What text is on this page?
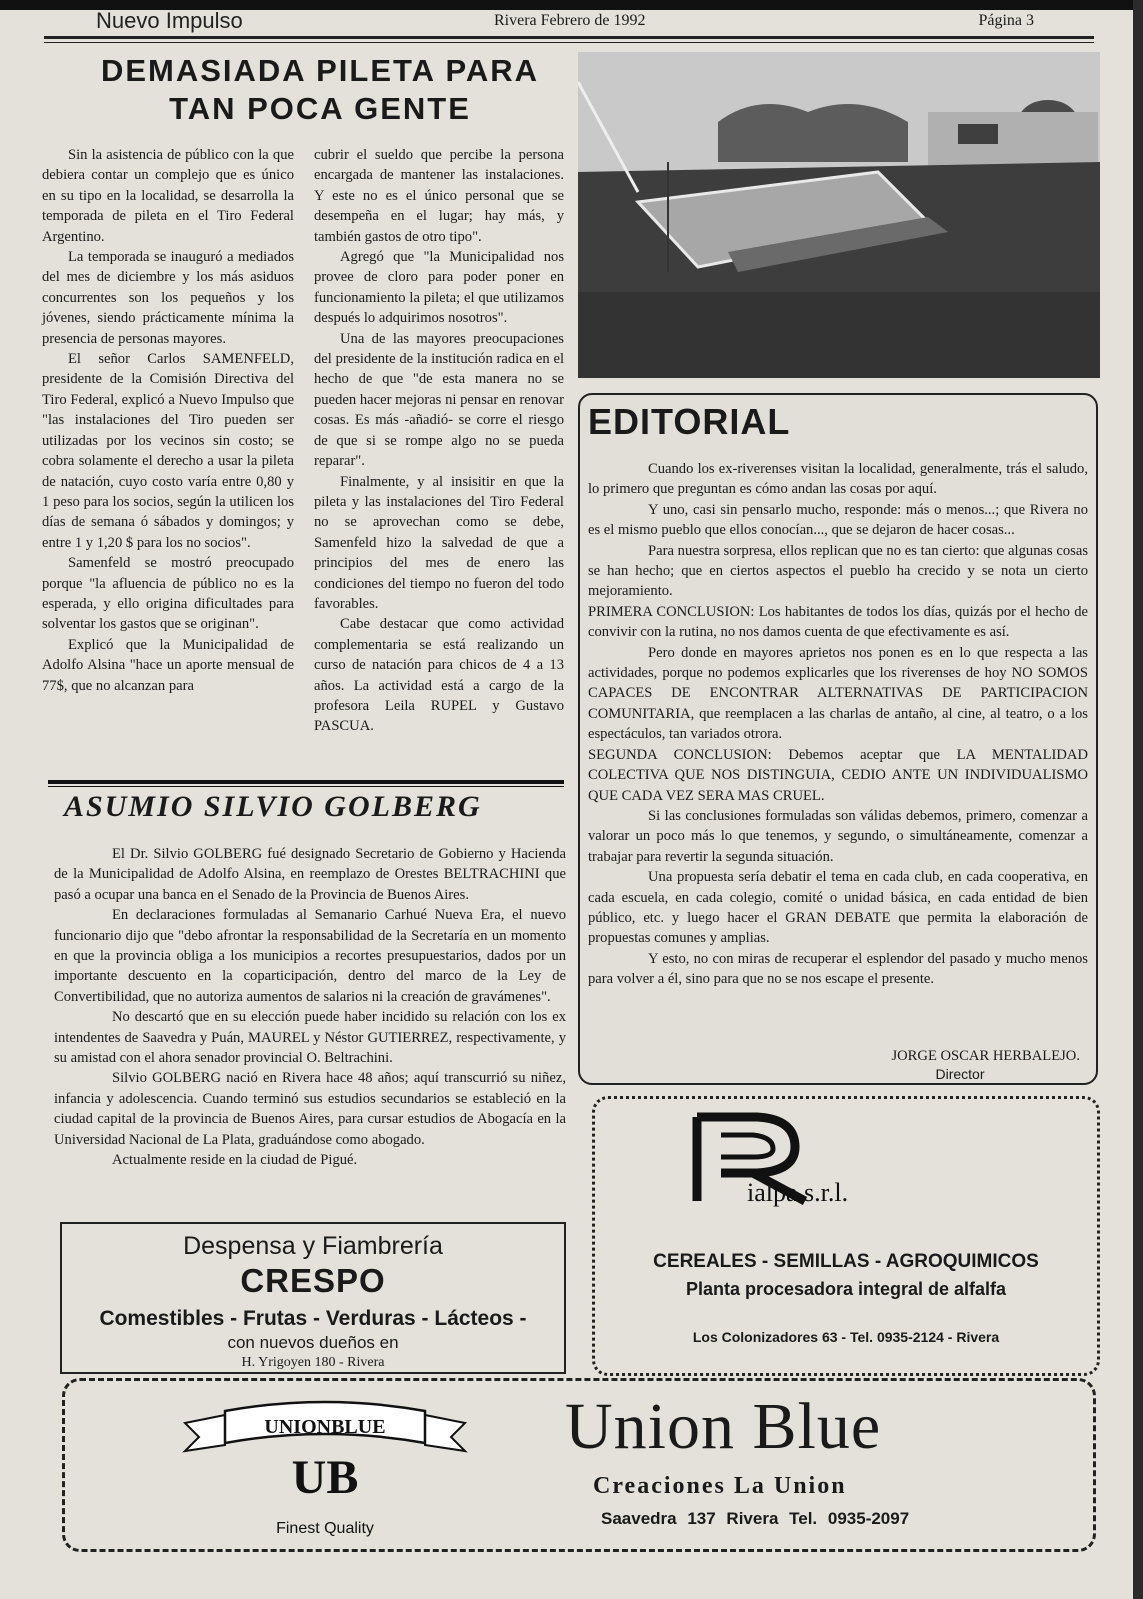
Nuevo Impulso	Rivera Febrero de 1992	Página 3
DEMASIADA PILETA PARA
TAN POCA GENTE

Sin la asistencia de público con la que debiera contar un complejo que es único en su tipo en la localidad, se desarrolla la temporada de pileta en el Tiro Federal Argentino.

La temporada se inauguró a mediados del mes de diciembre y los más asiduos concurrentes son los pequeños y los jóvenes, siendo prácticamente mínima la presencia de personas mayores.

El señor Carlos SAMENFELD, presidente de la Comisión Directiva del Tiro Federal, explicó a Nuevo Impulso que "las instalaciones del Tiro pueden ser utilizadas por los vecinos sin costo; se cobra solamente el derecho a usar la pileta de natación, cuyo costo varía entre 0,80 y 1 peso para los socios, según la utilicen los días de semana ó sábados y domingos; y entre 1 y 1,20 $ para los no socios".

Samenfeld se mostró preocupado porque "la afluencia de público no es la esperada, y ello origina dificultades para solventar los gastos que se originan".

Explicó que la Municipalidad de Adolfo Alsina "hace un aporte mensual de 77$, que no alcanzan para

cubrir el sueldo que percibe la persona encargada de mantener las instalaciones. Y este no es el único personal que se desempeña en el lugar; hay más, y también gastos de otro tipo".

Agregó que "la Municipalidad nos provee de cloro para poder poner en funcionamiento la pileta; el que utilizamos después lo adquirimos nosotros".

Una de las mayores preocupaciones del presidente de la institución radica en el hecho de que "de esta manera no se pueden hacer mejoras ni pensar en renovar cosas. Es más -añadió- se corre el riesgo de que si se rompe algo no se pueda reparar".

Finalmente, y al insisitir en que la pileta y las instalaciones del Tiro Federal no se aprovechan como se debe, Samenfeld hizo la salvedad de que a principios del mes de enero las condiciones del tiempo no fueron del todo favorables.

Cabe destacar que como actividad complementaria se está realizando un curso de natación para chicos de 4 a 13 años. La actividad está a cargo de la profesora Leila RUPEL y Gustavo PASCUA.

EDITORIAL

Cuando los ex-riverenses visitan la localidad, generalmente, trás el saludo, lo primero que preguntan es cómo andan las cosas por aquí.

Y uno, casi sin pensarlo mucho, responde: más o menos...; que Rivera no es el mismo pueblo que ellos conocían..., que se dejaron de hacer cosas...

Para nuestra sorpresa, ellos replican que no es tan cierto: que algunas cosas se han hecho; que en ciertos aspectos el pueblo ha crecido y se nota un cierto mejoramiento.

PRIMERA CONCLUSION: Los habitantes de todos los días, quizás por el hecho de convivir con la rutina, no nos damos cuenta de que efectivamente es así.

Pero donde en mayores aprietos nos ponen es en lo que respecta a las actividades, porque no podemos explicarles que los riverenses de hoy NO SOMOS CAPACES DE ENCONTRAR ALTERNATIVAS DE PARTICIPACION COMUNITARIA, que reemplacen a las charlas de antaño, al cine, al teatro, o a los espectáculos, tan variados otrora.

SEGUNDA CONCLUSION: Debemos aceptar que LA MENTALIDAD COLECTIVA QUE NOS DISTINGUIA, CEDIO ANTE UN INDIVIDUALISMO QUE CADA VEZ SERA MAS CRUEL.

Si las conclusiones formuladas son válidas debemos, primero, comenzar a valorar un poco más lo que tenemos, y segundo, o simultáneamente, comenzar a trabajar para revertir la segunda situación.

Una propuesta sería debatir el tema en cada club, en cada cooperativa, en cada escuela, en cada colegio, comité o unidad básica, en cada entidad de bien público, etc. y luego hacer el GRAN DEBATE que permita la elaboración de propuestas comunes y amplias.

Y esto, no con miras de recuperar el esplendor del pasado y mucho menos para volver a él, sino para que no se nos escape el presente.

JORGE OSCAR HERBALEJO.
Director
ASUMIO SILVIO GOLBERG

El Dr. Silvio GOLBERG fué designado Secretario de Gobierno y Hacienda de la Municipalidad de Adolfo Alsina, en reemplazo de Orestes BELTRACHINI que pasó a ocupar una banca en el Senado de la Provincia de Buenos Aires.

En declaraciones formuladas al Semanario Carhué Nueva Era, el nuevo funcionario dijo que "debo afrontar la responsabilidad de la Secretaría en un momento en que la provincia obliga a los municipios a recortes presupuestarios, dados por un importante descuento en la coparticipación, dentro del marco de la Ley de Convertibilidad, que no autoriza aumentos de salarios ni la creación de gravámenes".

No descartó que en su elección puede haber incidido su relación con los ex intendentes de Saavedra y Puán, MAUREL y Néstor GUTIERREZ, respectivamente, y su amistad con el ahora senador provincial O. Beltrachini.

Silvio GOLBERG nació en Rivera hace 48 años; aquí transcurrió su niñez, infancia y adolescencia. Cuando terminó sus estudios secundarios se estableció en la ciudad capital de la provincia de Buenos Aires, para cursar estudios de Abogacía en la Universidad Nacional de La Plata, graduándose como abogado.

Actualmente reside en la ciudad de Pigué.

Despensa y Fiambrería
CRESPO
Comestibles - Frutas - Verduras - Lácteos -
con nuevos dueños en
H. Yrigoyen 180 - Rivera
ialpa s.r.l.
CEREALES - SEMILLAS - AGROQUIMICOS
Planta procesadora integral de alfalfa
Los Colonizadores 63 - Tel. 0935-2124 - Rivera
UNIONBLUE
UB
Finest Quality
Union Blue
Creaciones La Union
Saavedra 137 Rivera Tel. 0935-2097
